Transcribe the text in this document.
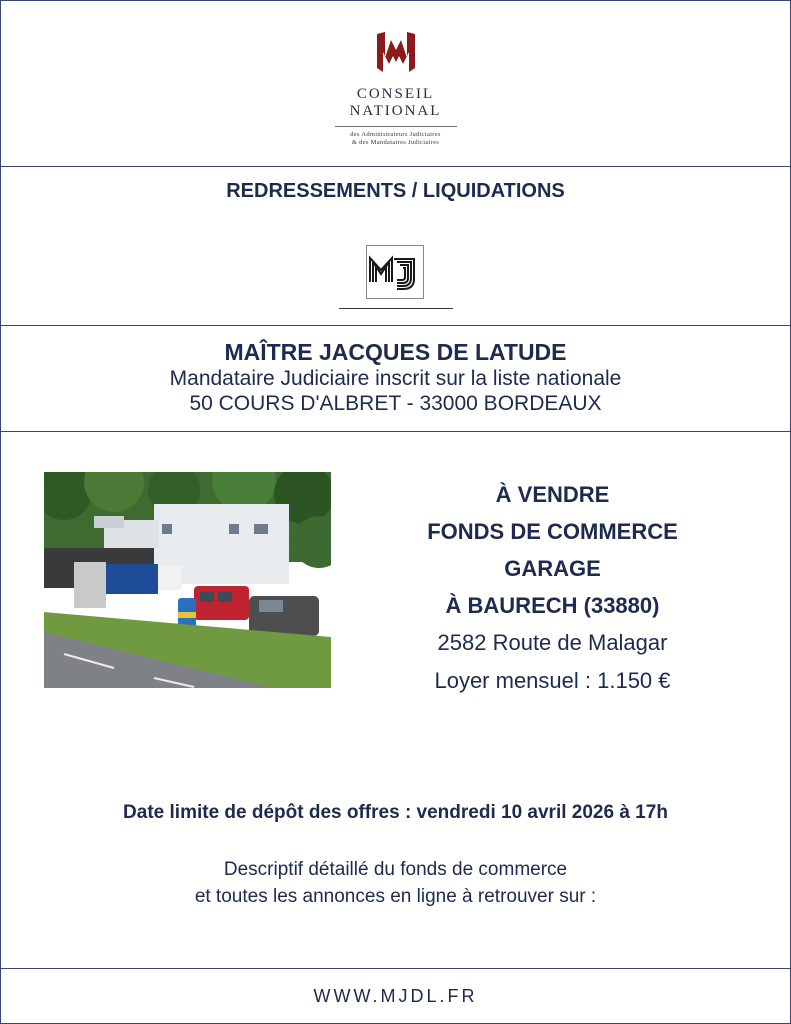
CONSEIL
NATIONAL
des Administrateurs Judiciaires
& des Mandataires Judiciaires
REDRESSEMENTS / LIQUIDATIONS
MAÎTRE JACQUES DE LATUDE
Mandataire Judiciaire inscrit sur la liste nationale
50 COURS D'ALBRET - 33000 BORDEAUX
À VENDRE
FONDS DE COMMERCE
GARAGE
À BAURECH (33880)
2582 Route de Malagar
Loyer mensuel : 1.150 €
Date limite de dépôt des offres : vendredi 10 avril 2026 à 17h
Descriptif détaillé du fonds de commerce
et toutes les annonces en ligne à retrouver sur :
WWW.MJDL.FR
